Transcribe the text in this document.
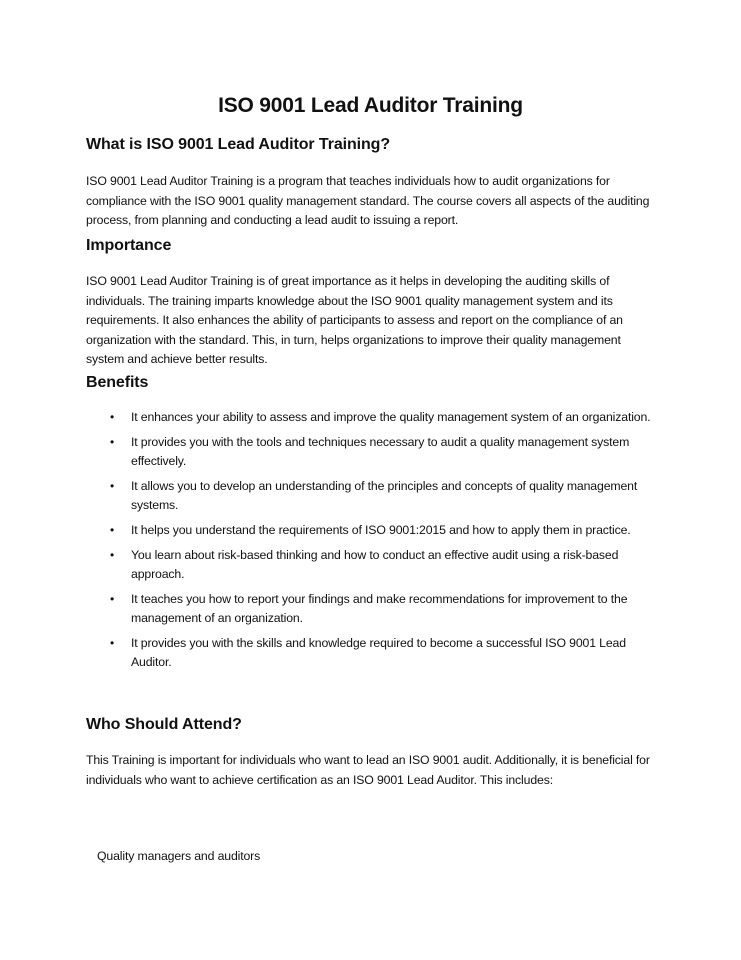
ISO 9001 Lead Auditor Training
What is ISO 9001 Lead Auditor Training?

ISO 9001 Lead Auditor Training is a program that teaches individuals how to audit organizations for compliance with the ISO 9001 quality management standard. The course covers all aspects of the auditing process, from planning and conducting a lead audit to issuing a report.

Importance

ISO 9001 Lead Auditor Training is of great importance as it helps in developing the auditing skills of individuals. The training imparts knowledge about the ISO 9001 quality management system and its requirements. It also enhances the ability of participants to assess and report on the compliance of an organization with the standard. This, in turn, helps organizations to improve their quality management system and achieve better results.

Benefits
• It enhances your ability to assess and improve the quality management system of an organization.
• It provides you with the tools and techniques necessary to audit a quality management system effectively.
• It allows you to develop an understanding of the principles and concepts of quality management systems.
• It helps you understand the requirements of ISO 9001:2015 and how to apply them in practice.
• You learn about risk-based thinking and how to conduct an effective audit using a risk-based approach.
• It teaches you how to report your findings and make recommendations for improvement to the management of an organization.
• It provides you with the skills and knowledge required to become a successful ISO 9001 Lead Auditor.
Who Should Attend?

This Training is important for individuals who want to lead an ISO 9001 audit. Additionally, it is beneficial for individuals who want to achieve certification as an ISO 9001 Lead Auditor. This includes:

Quality managers and auditors
